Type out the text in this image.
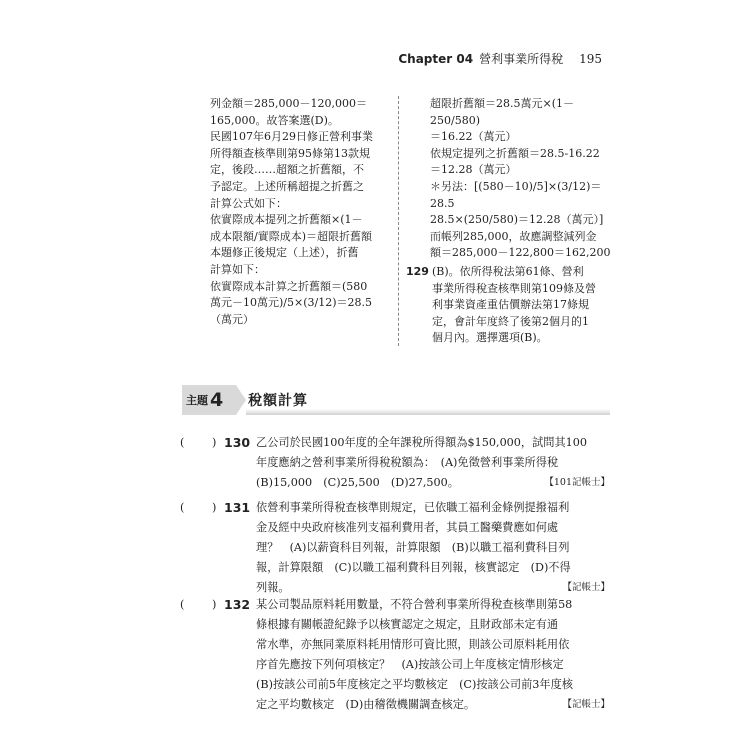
Chapter 04 營利事業所得稅 195
列金額＝285,000－120,000＝
165,000。故答案選(D)。
民國107年6月29日修正營利事業
所得額查核準則第95條第13款規
定，後段……超額之折舊額，不
予認定。上述所稱超提之折舊之
計算公式如下：
依實際成本提列之折舊額×(1－
成本限額/實際成本)＝超限折舊額
本題修正後規定（上述），折舊
計算如下：
依實際成本計算之折舊額＝(580
萬元－10萬元)/5×(3/12)＝28.5
（萬元）
超限折舊額＝28.5萬元×(1－
250/580)
＝16.22（萬元）
依規定提列之折舊額＝28.5-16.22
＝12.28（萬元）
＊另法：[(580－10)/5]×(3/12)＝
28.5
28.5×(250/580)＝12.28（萬元）]
而帳列285,000，故應調整減列金
額＝285,000－122,800＝162,200
129 (B)。依所得稅法第61條、營利
事業所得稅查核準則第109條及營
利事業資產重估價辦法第17條規
定，會計年度終了後第2個月的1
個月內。選擇選項(B)。
主題 4 稅額計算
( ) 130 乙公司於民國100年度的全年課稅所得額為$150,000，試問其100
年度應納之營利事業所得稅稅額為：　(A)免徵營利事業所得稅
(B)15,000　(C)25,500　(D)27,500。	【101記帳士】
( ) 131 依營利事業所得稅查核準則規定，已依職工福利金條例提撥福利
金及經中央政府核准列支福利費用者，其員工醫藥費應如何處
理？　(A)以薪資科目列報，計算限額　(B)以職工福利費科目列
報，計算限額　(C)以職工福利費科目列報，核實認定　(D)不得
列報。	【記帳士】
( ) 132 某公司製品原料耗用數量，不符合營利事業所得稅查核準則第58
條根據有關帳證紀錄予以核實認定之規定，且財政部未定有通
常水準，亦無同業原料耗用情形可資比照，則該公司原料耗用依
序首先應按下列何項核定？　(A)按該公司上年度核定情形核定
(B)按該公司前5年度核定之平均數核定　(C)按該公司前3年度核
定之平均數核定　(D)由稽徵機關調查核定。	【記帳士】
